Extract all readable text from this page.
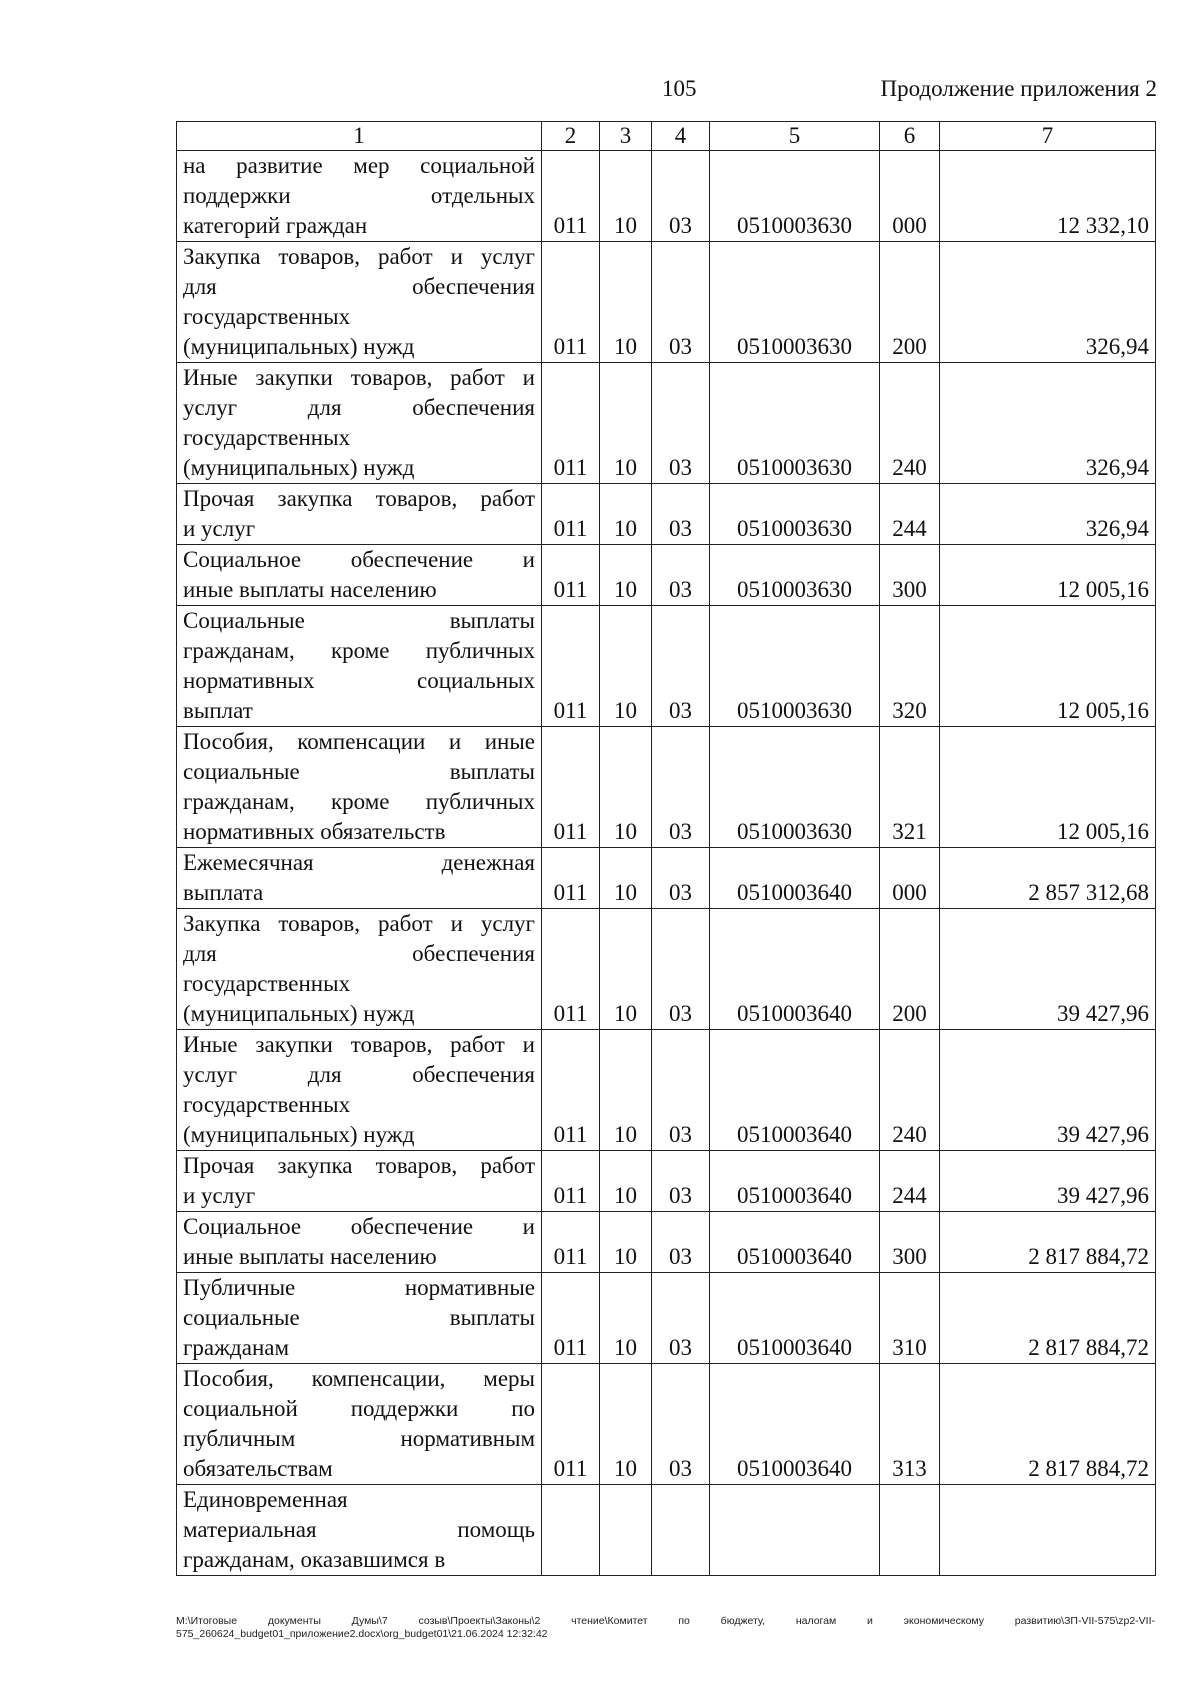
105	Продолжение приложения 2
1	2	3	4	5	6	7

на развитие мер социальной
поддержки отдельных
категорий граждан	011	10	03	0510003630	000	12 332,10

Закупка товаров, работ и услуг
для обеспечения
государственных
(муниципальных) нужд	011	10	03	0510003630	200	326,94

Иные закупки товаров, работ и
услуг для обеспечения
государственных
(муниципальных) нужд	011	10	03	0510003630	240	326,94

Прочая закупка товаров, работ
и услуг	011	10	03	0510003630	244	326,94

Социальное обеспечение и
иные выплаты населению	011	10	03	0510003630	300	12 005,16

Социальные выплаты
гражданам, кроме публичных
нормативных социальных
выплат	011	10	03	0510003630	320	12 005,16

Пособия, компенсации и иные
социальные выплаты
гражданам, кроме публичных
нормативных обязательств	011	10	03	0510003630	321	12 005,16

Ежемесячная денежная
выплата	011	10	03	0510003640	000	2 857 312,68

Закупка товаров, работ и услуг
для обеспечения
государственных
(муниципальных) нужд	011	10	03	0510003640	200	39 427,96

Иные закупки товаров, работ и
услуг для обеспечения
государственных
(муниципальных) нужд	011	10	03	0510003640	240	39 427,96

Прочая закупка товаров, работ
и услуг	011	10	03	0510003640	244	39 427,96

Социальное обеспечение и
иные выплаты населению	011	10	03	0510003640	300	2 817 884,72

Публичные нормативные
социальные выплаты
гражданам	011	10	03	0510003640	310	2 817 884,72

Пособия, компенсации, меры
социальной поддержки по
публичным нормативным
обязательствам	011	10	03	0510003640	313	2 817 884,72

Единовременная
материальная помощь
гражданам, оказавшимся в						

M:\Итоговые документы Думы\7 созыв\Проекты\Законы\2 чтение\Комитет по бюджету, налогам и экономическому развитию\ЗП-VII-575\zp2-VII-575_260624_budget01_приложение2.docx\org_budget01\21.06.2024 12:32:42
